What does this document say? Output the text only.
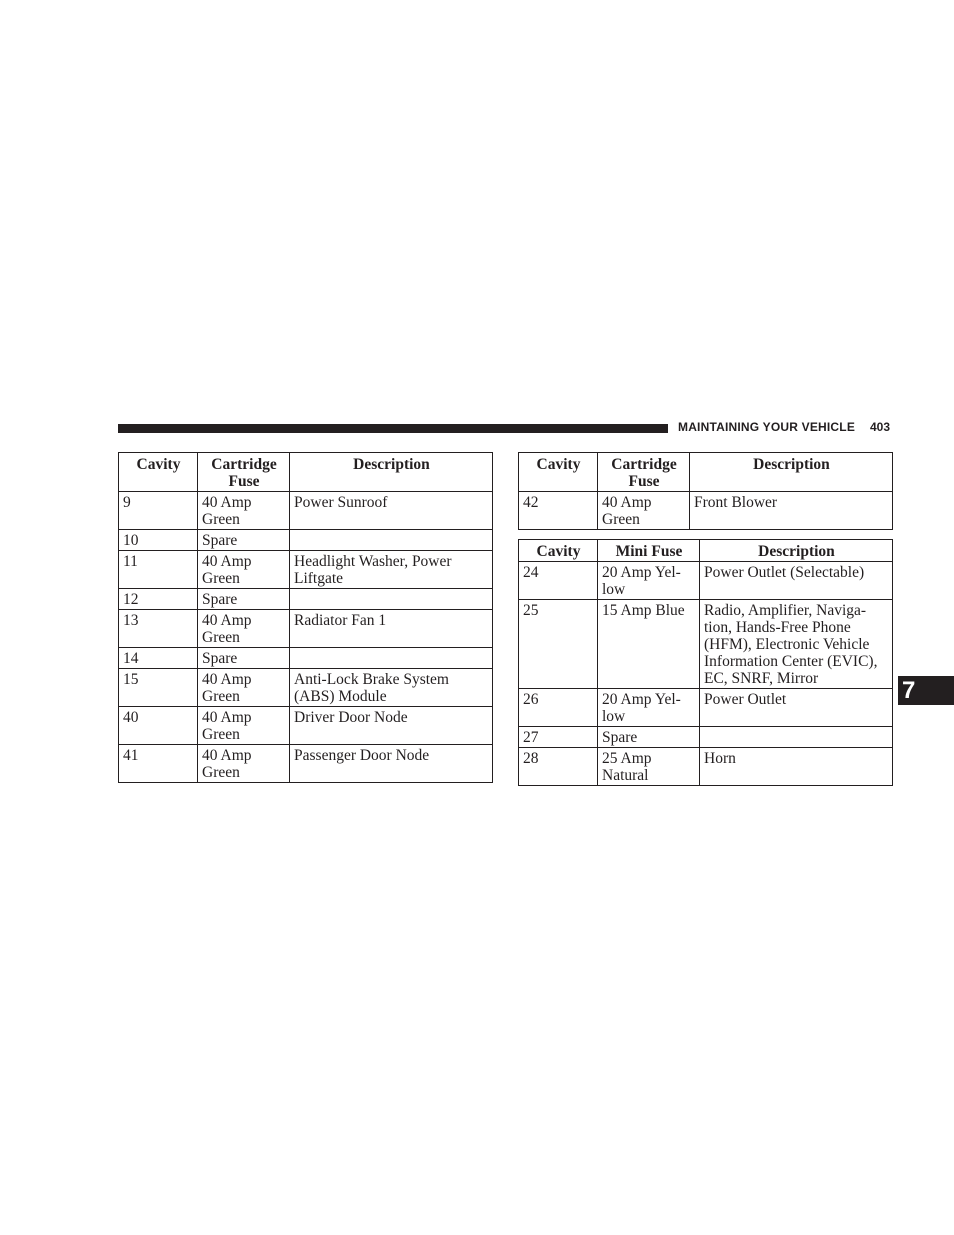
MAINTAINING YOUR VEHICLE 403
7
Cavity	Cartridge Fuse	Description
9	40 Amp Green	Power Sunroof
10	Spare	
11	40 Amp Green	Headlight Washer, Power Liftgate
12	Spare	
13	40 Amp Green	Radiator Fan 1
14	Spare	
15	40 Amp Green	Anti-Lock Brake System (ABS) Module
40	40 Amp Green	Driver Door Node
41	40 Amp Green	Passenger Door Node
Cavity	Cartridge Fuse	Description
42	40 Amp Green	Front Blower
Cavity	Mini Fuse	Description
24	20 Amp Yel- low	Power Outlet (Selectable)
25	15 Amp Blue	Radio, Amplifier, Naviga- tion, Hands-Free Phone (HFM), Electronic Vehicle Information Center (EVIC), EC, SNRF, Mirror
26	20 Amp Yel- low	Power Outlet
27	Spare	
28	25 Amp Natural	Horn
